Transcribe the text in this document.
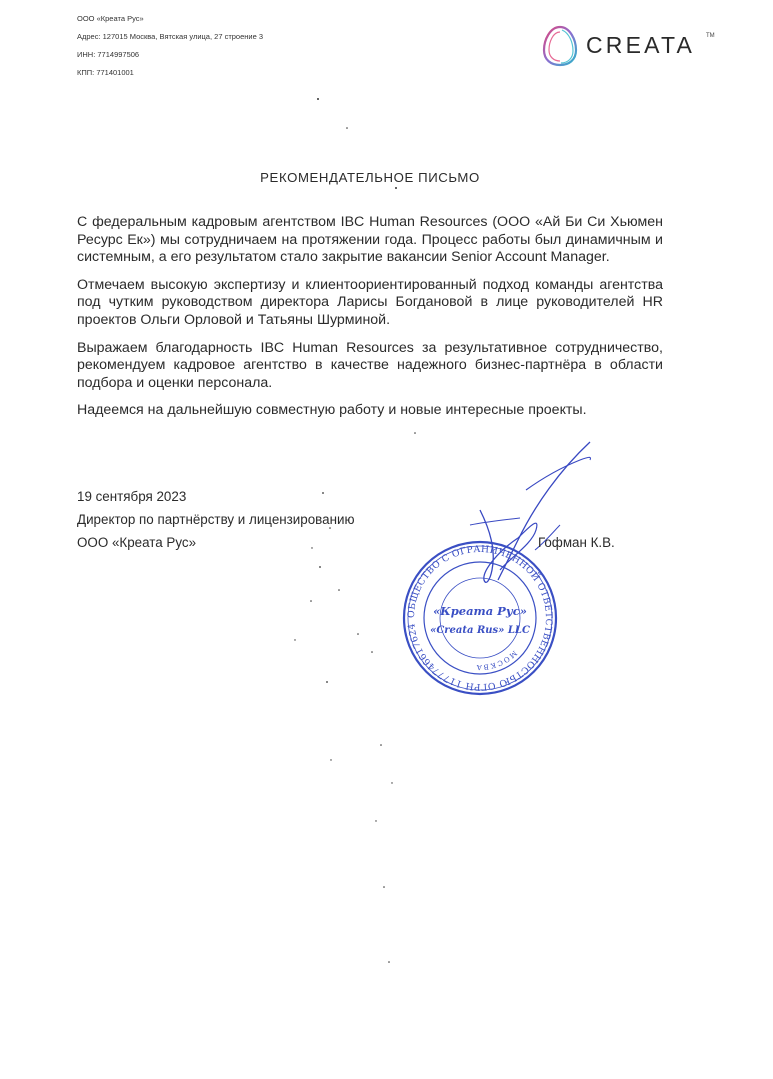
ООО «Креата Рус»
Адрес: 127015 Москва, Вятская улица, 27 строение 3
ИНН: 7714997506
КПП: 771401001
CREATA TM
РЕКОМЕНДАТЕЛЬНОЕ ПИСЬМО

С федеральным кадровым агентством IBC Human Resources (ООО «Ай Би Си Хьюмен Ресурс Ек») мы сотрудничаем на протяжении года. Процесс работы был динамичным и системным, а его результатом стало закрытие вакансии Senior Account Manager.

Отмечаем высокую экспертизу и клиентоориентированный подход команды агентства под чутким руководством директора Ларисы Богдановой в лице руководителей HR проектов Ольги Орловой и Татьяны Шурминой.

Выражаем благодарность IBC Human Resources за результативное сотрудничество, рекомендуем кадровое агентство в качестве надежного бизнес-партнёра в области подбора и оценки персонала.

Надеемся на дальнейшую совместную работу и новые интересные проекты.

19 сентября 2023
Директор по партнёрству и лицензированию
ООО «Креата Рус»
ОБЩЕСТВО С ОГРАНИЧЕННОЙ ОТВЕТСТВЕННОСТЬЮ ОГРН 1177746617624
МОСКВА
«Креата Рус»
«Creata Rus» LLC
Гофман К.В.
